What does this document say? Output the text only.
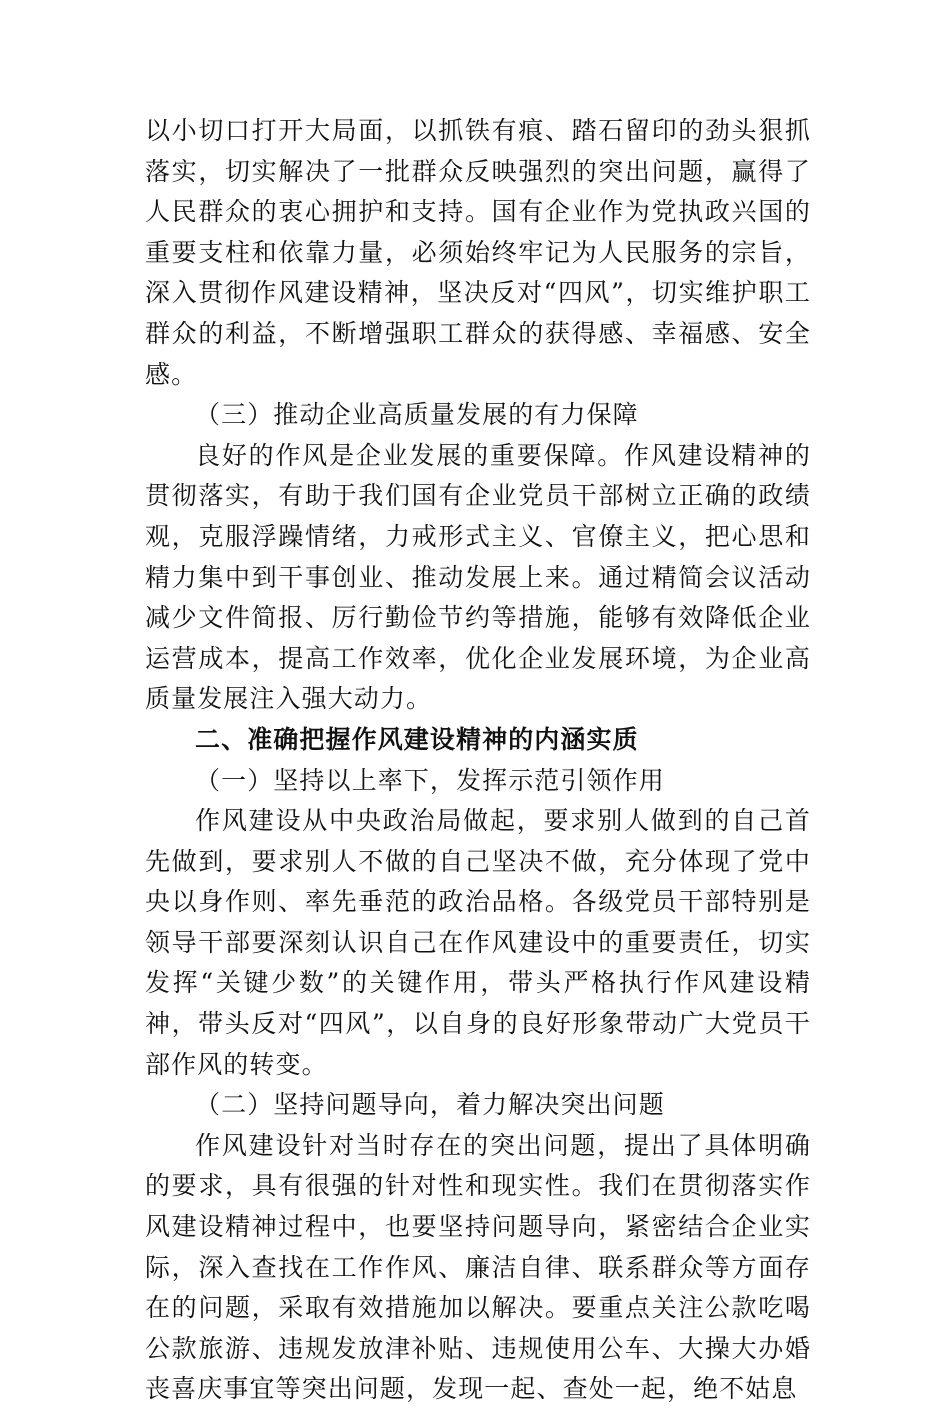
以小切口打开大局面，以抓铁有痕、踏石留印的劲头狠抓落实，切实解决了一批群众反映强烈的突出问题，赢得了人民群众的衷心拥护和支持。国有企业作为党执政兴国的重要支柱和依靠力量，必须始终牢记为人民服务的宗旨，深入贯彻作风建设精神，坚决反对“四风”，切实维护职工群众的利益，不断增强职工群众的获得感、幸福感、安全感。

（三）推动企业高质量发展的有力保障

良好的作风是企业发展的重要保障。作风建设精神的贯彻落实，有助于我们国有企业党员干部树立正确的政绩观，克服浮躁情绪，力戒形式主义、官僚主义，把心思和精力集中到干事创业、推动发展上来。通过精简会议活动减少文件简报、厉行勤俭节约等措施，能够有效降低企业运营成本，提高工作效率，优化企业发展环境，为企业高质量发展注入强大动力。

二、准确把握作风建设精神的内涵实质
（一）坚持以上率下，发挥示范引领作用

作风建设从中央政治局做起，要求别人做到的自己首先做到，要求别人不做的自己坚决不做，充分体现了党中央以身作则、率先垂范的政治品格。各级党员干部特别是领导干部要深刻认识自己在作风建设中的重要责任，切实发挥“关键少数”的关键作用，带头严格执行作风建设精神，带头反对“四风”，以自身的良好形象带动广大党员干部作风的转变。

（二）坚持问题导向，着力解决突出问题

作风建设针对当时存在的突出问题，提出了具体明确的要求，具有很强的针对性和现实性。我们在贯彻落实作风建设精神过程中，也要坚持问题导向，紧密结合企业实际，深入查找在工作作风、廉洁自律、联系群众等方面存在的问题，采取有效措施加以解决。要重点关注公款吃喝公款旅游、违规发放津补贴、违规使用公车、大操大办婚丧喜庆事宜等突出问题，发现一起、查处一起，绝不姑息
